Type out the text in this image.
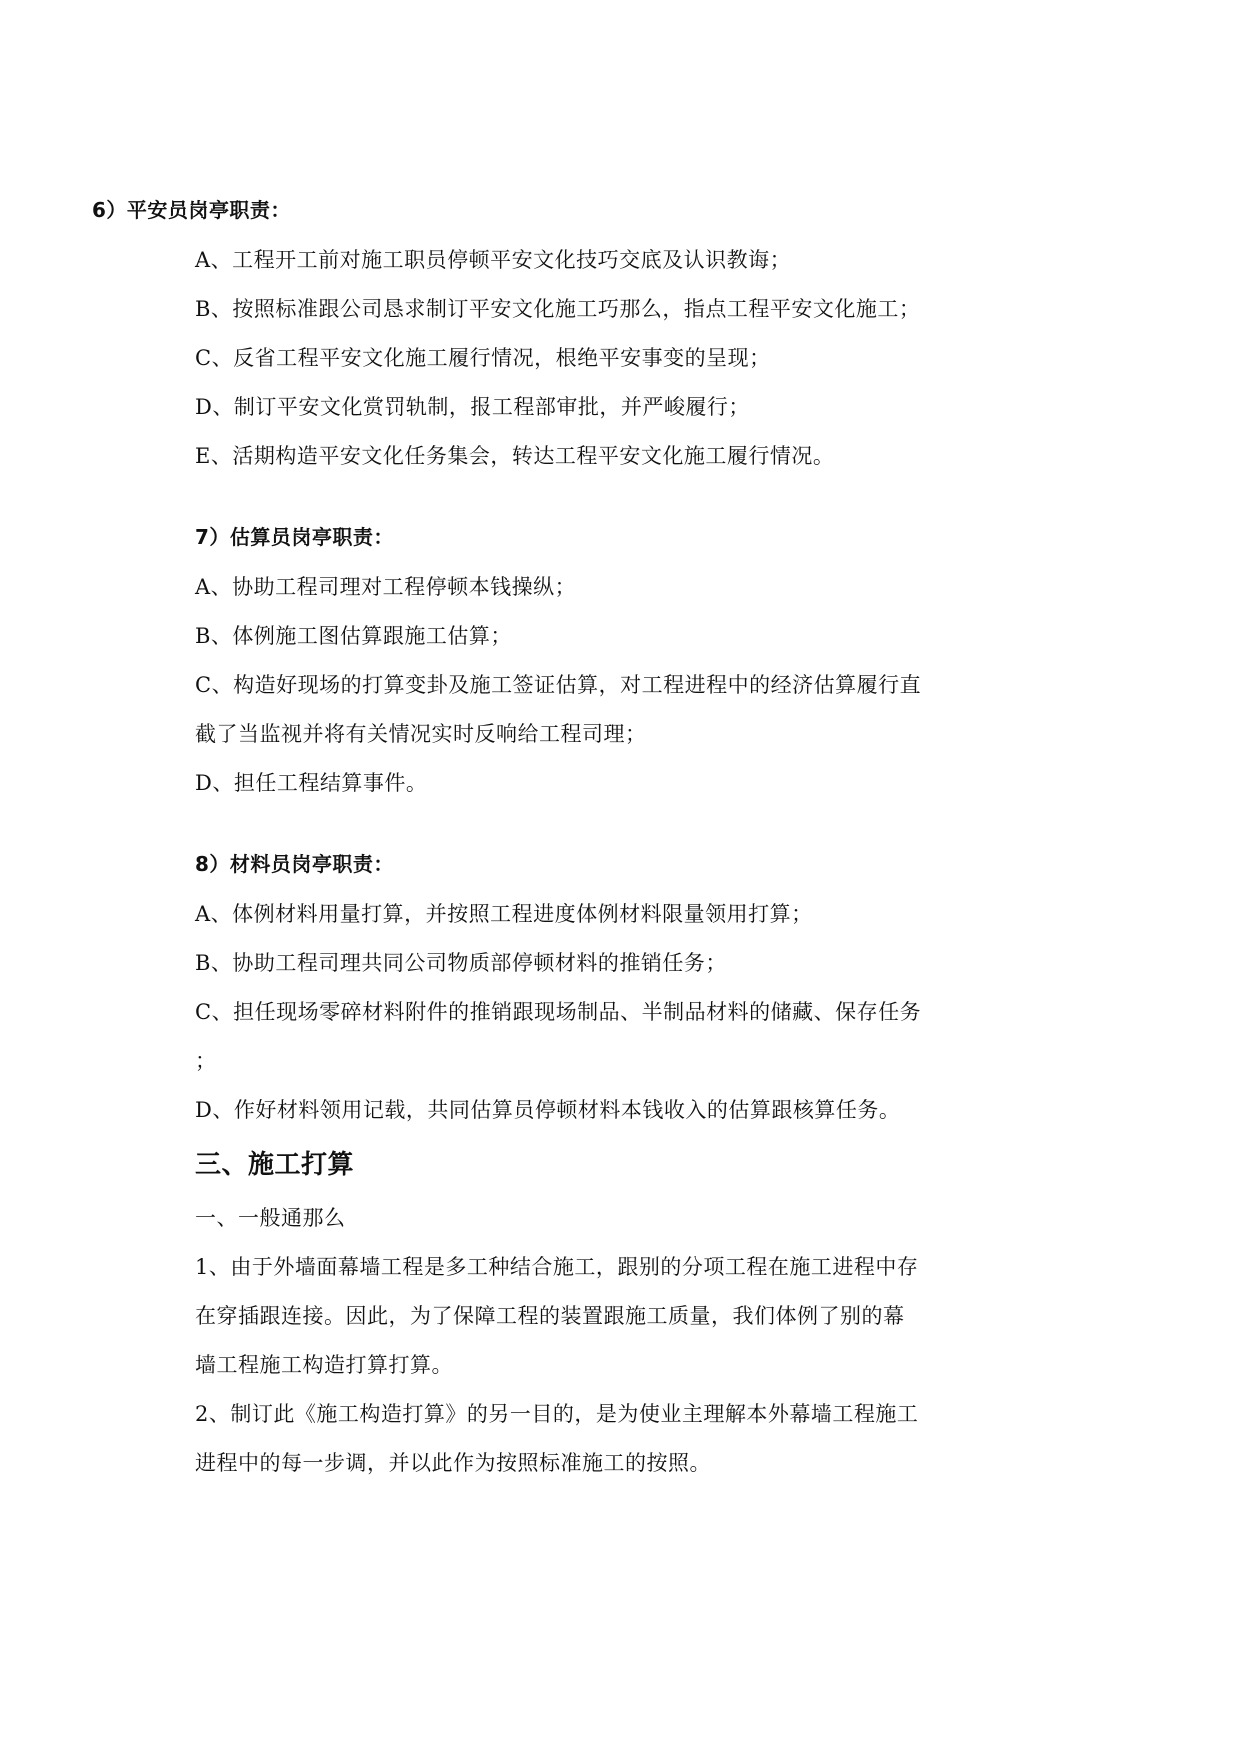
6）平安员岗亭职责：
A、工程开工前对施工职员停顿平安文化技巧交底及认识教诲；
B、按照标准跟公司恳求制订平安文化施工巧那么，指点工程平安文化施工；
C、反省工程平安文化施工履行情况，根绝平安事变的呈现；
D、制订平安文化赏罚轨制，报工程部审批，并严峻履行；
E、活期构造平安文化任务集会，转达工程平安文化施工履行情况。
7）估算员岗亭职责：
A、协助工程司理对工程停顿本钱操纵；
B、体例施工图估算跟施工估算；
C、构造好现场的打算变卦及施工签证估算，对工程进程中的经济估算履行直
截了当监视并将有关情况实时反响给工程司理；
D、担任工程结算事件。
8）材料员岗亭职责：
A、体例材料用量打算，并按照工程进度体例材料限量领用打算；
B、协助工程司理共同公司物质部停顿材料的推销任务；
C、担任现场零碎材料附件的推销跟现场制品、半制品材料的储藏、保存任务
；
D、作好材料领用记载，共同估算员停顿材料本钱收入的估算跟核算任务。
三、施工打算
一、一般通那么
1、由于外墙面幕墙工程是多工种结合施工，跟别的分项工程在施工进程中存
在穿插跟连接。因此，为了保障工程的装置跟施工质量，我们体例了别的幕
墙工程施工构造打算打算。
2、制订此《施工构造打算》的另一目的，是为使业主理解本外幕墙工程施工
进程中的每一步调，并以此作为按照标准施工的按照。
